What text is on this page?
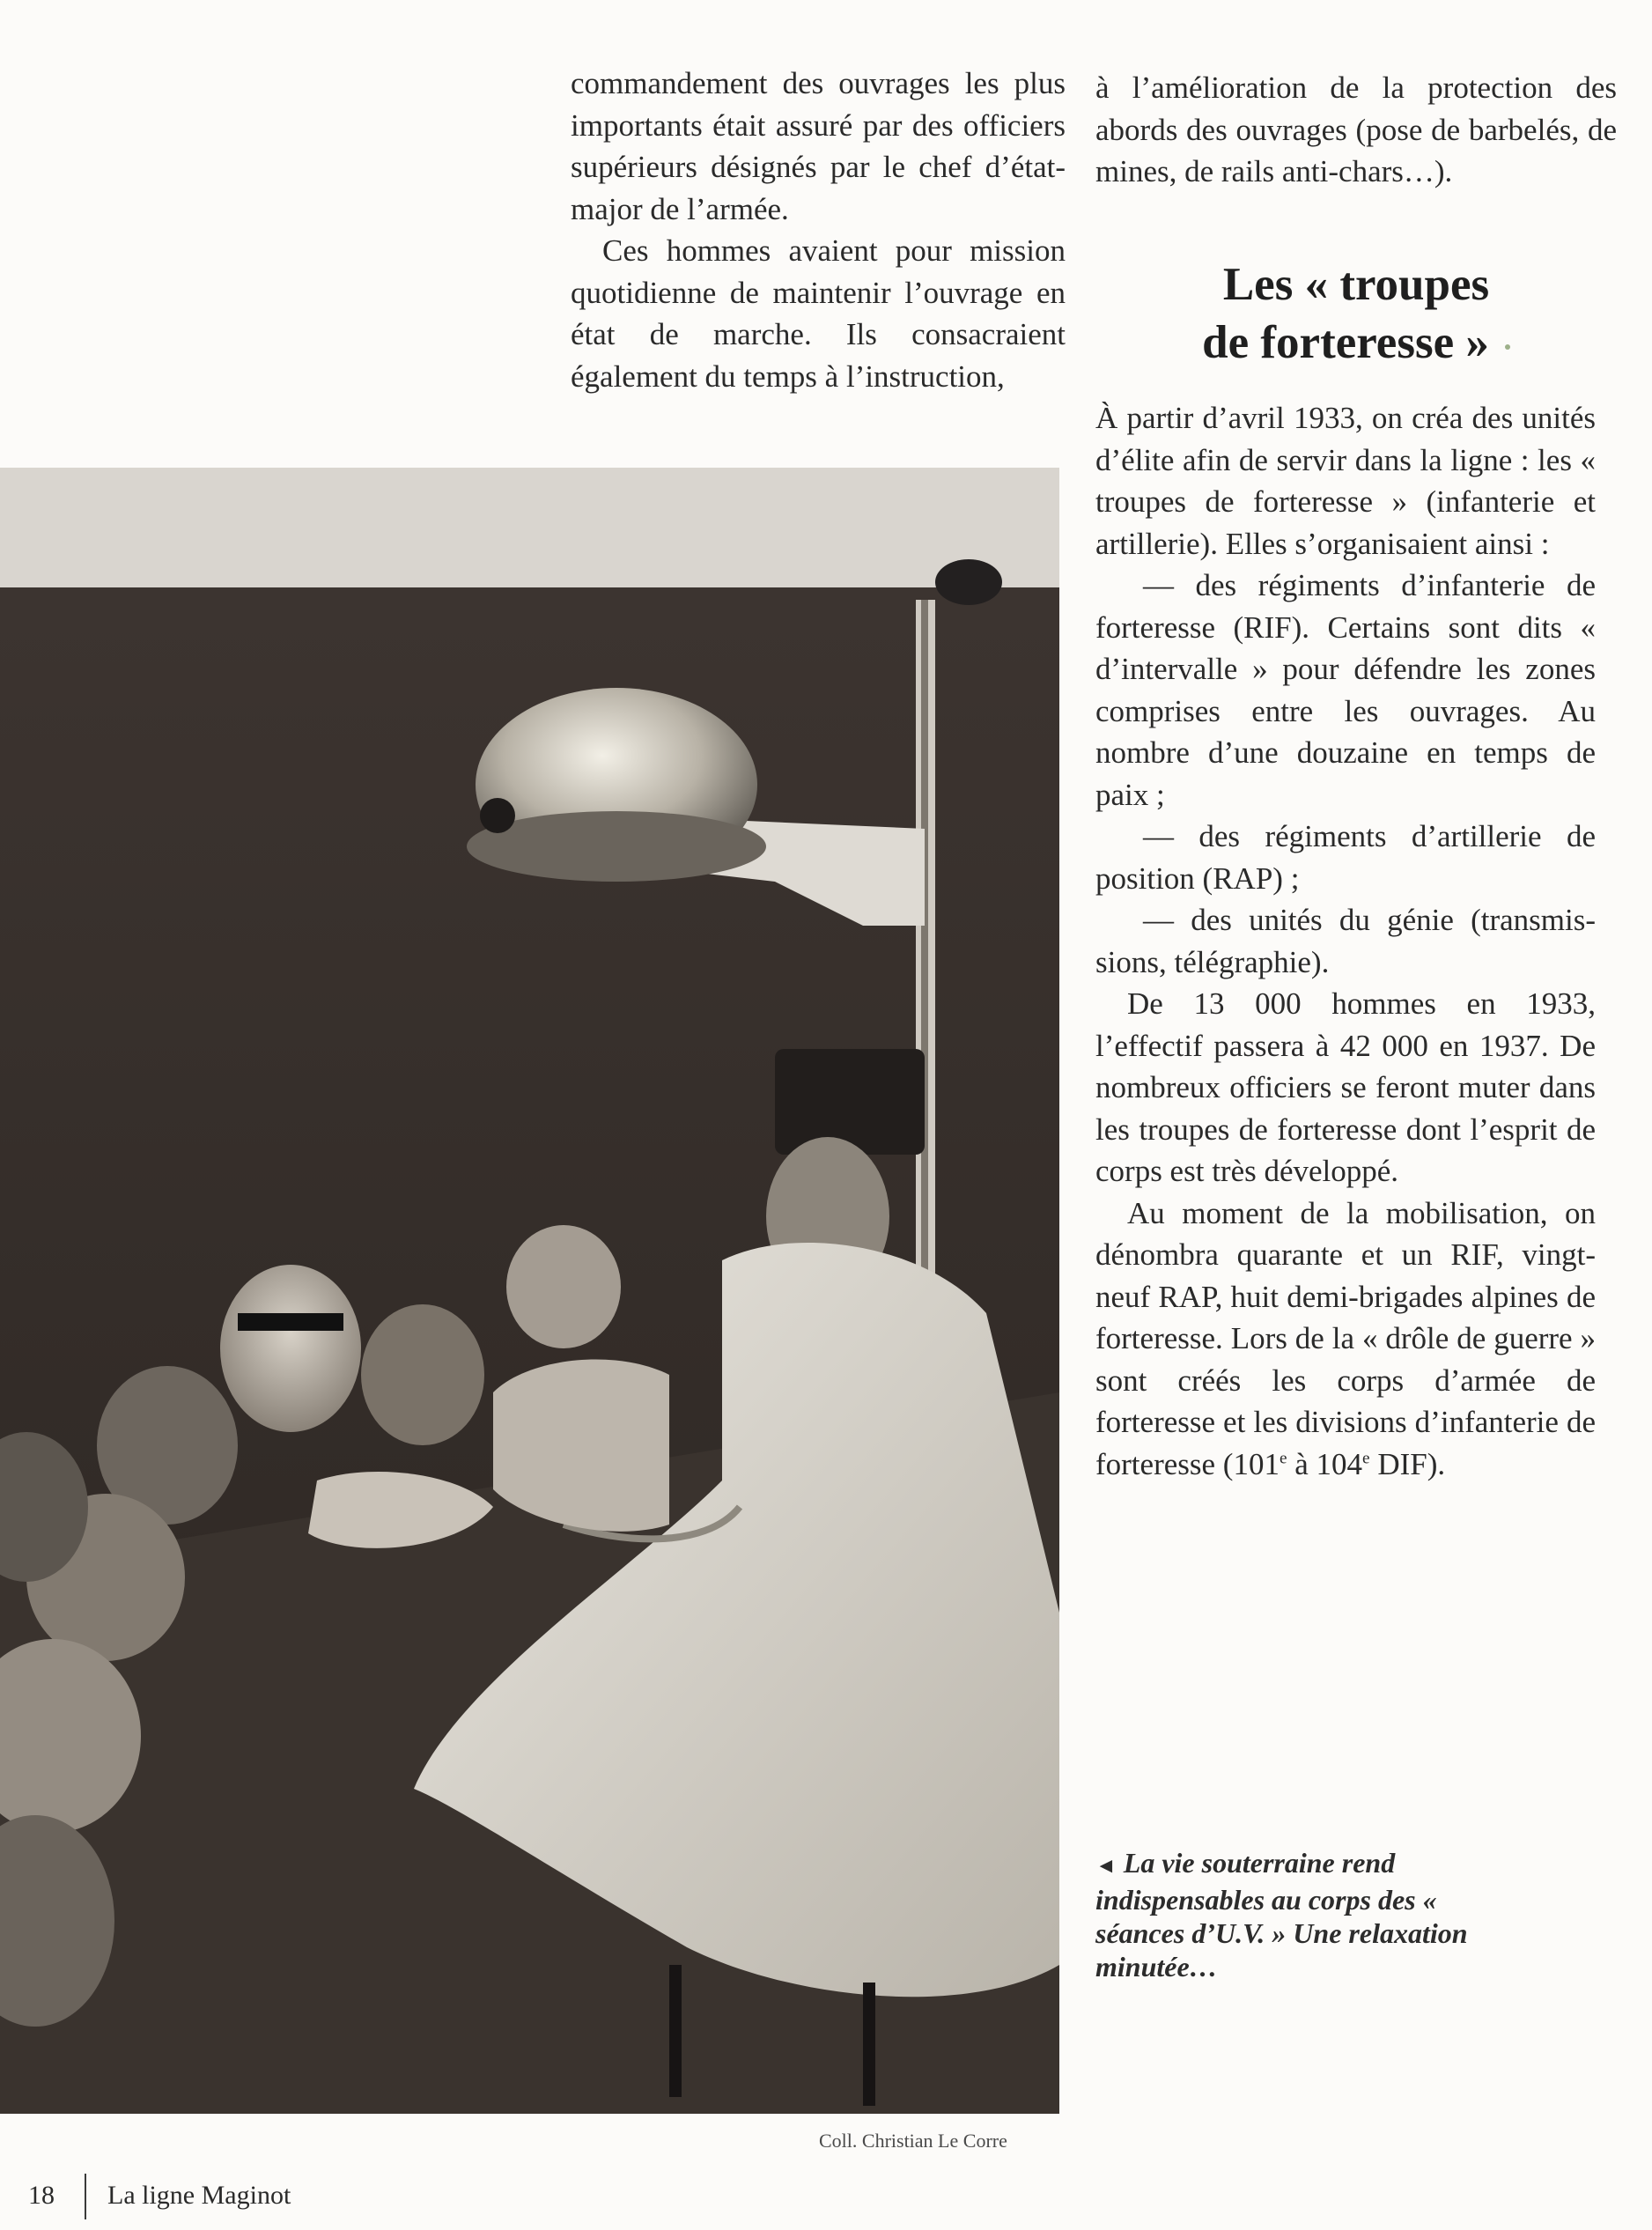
commandement des ouvrages les plus importants était assuré par des officiers supérieurs désignés par le chef d’état-major de l’armée.

Ces hommes avaient pour mission quotidienne de maintenir l’ouvrage en état de marche. Ils consacraient également du temps à l’instruction,

à l’amélioration de la protection des abords des ouvrages (pose de barbelés, de mines, de rails anti-chars…).

Les « troupes
de forteresse »

À partir d’avril 1933, on créa des unités d’élite afin de servir dans la ligne : les « troupes de forteresse » (infanterie et artillerie). Elles s’organisaient ainsi :

— des régiments d’infanterie de forteresse (RIF). Certains sont dits « d’intervalle » pour défendre les zones comprises entre les ouvrages. Au nombre d’une douzaine en temps de paix ;

— des régiments d’artillerie de position (RAP) ;

— des unités du génie (transmissions, télégraphie).

De 13 000 hommes en 1933, l’effectif passera à 42 000 en 1937. De nombreux officiers se feront muter dans les troupes de forteresse dont l’esprit de corps est très développé.

Au moment de la mobilisation, on dénombra quarante et un RIF, vingt-neuf RAP, huit demi-brigades alpines de forteresse. Lors de la « drôle de guerre » sont créés les corps d’armée de forteresse et les divisions d’infanterie de forteresse (101e à 104e DIF).

Coll. Christian Le Corre
◄ La vie souterraine rend indispensables au corps des « séances d’U.V. » Une relaxation minutée…
18 La ligne Maginot
